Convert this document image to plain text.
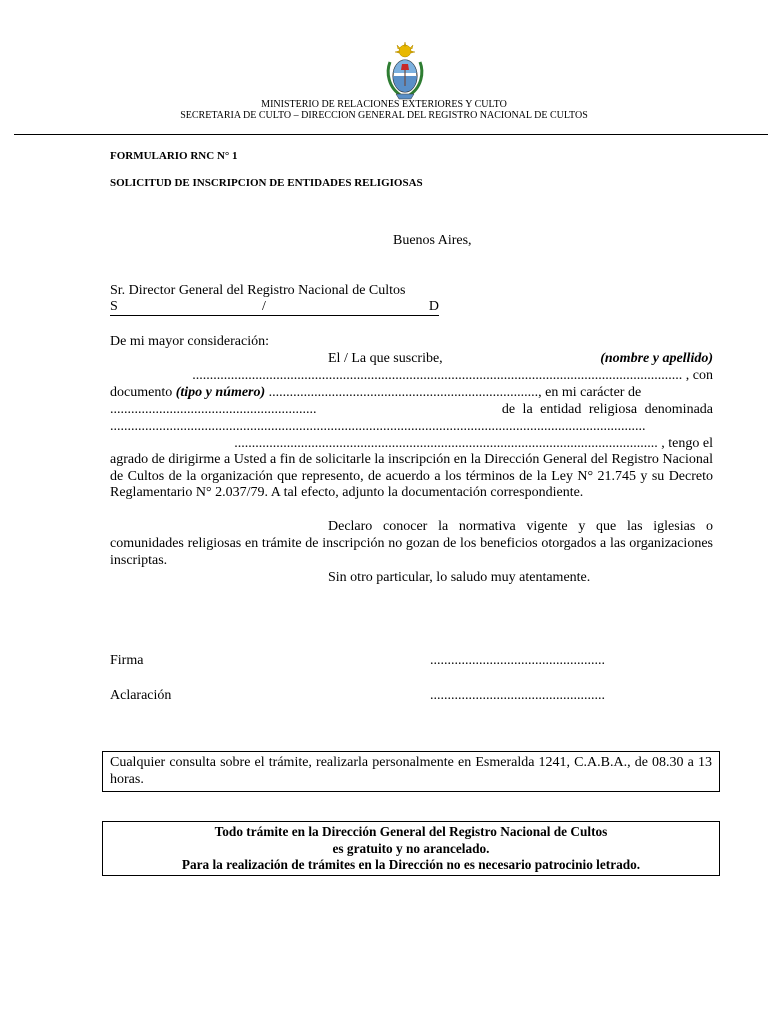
MINISTERIO DE RELACIONES EXTERIORES Y CULTO
SECRETARIA DE CULTO – DIRECCION GENERAL DEL REGISTRO NACIONAL DE CULTOS
FORMULARIO RNC N° 1
SOLICITUD DE INSCRIPCION DE ENTIDADES RELIGIOSAS
Buenos Aires,
Sr. Director General del Registro Nacional de Cultos
S	/	D
De mi mayor consideración:
El / La que suscribe,	(nombre y apellido)
............................................................................................................................................ , con
documento (tipo y número) ............................................................................., en mi carácter de
...........................................................	de la entidad religiosa denominada
.........................................................................................................................................................
......................................................................................................................... , tengo el
agrado de dirigirme a Usted a fin de solicitarle la inscripción en la Dirección General del Registro Nacional de Cultos de la organización que represento, de acuerdo a los términos de la Ley N° 21.745 y su Decreto Reglamentario N° 2.037/79. A tal efecto, adjunto la documentación correspondiente.
Declaro conocer la normativa vigente y que las iglesias o
comunidades religiosas en trámite de inscripción no gozan de los beneficios otorgados a las organizaciones inscriptas.
Sin otro particular, lo saludo muy atentamente.
Firma	..................................................
Aclaración	..................................................
Cualquier consulta sobre el trámite, realizarla personalmente en Esmeralda 1241, C.A.B.A., de 08.30 a 13 horas.
Todo trámite en la Dirección General del Registro Nacional de Cultos
es gratuito y no arancelado.
Para la realización de trámites en la Dirección no es necesario patrocinio letrado.
